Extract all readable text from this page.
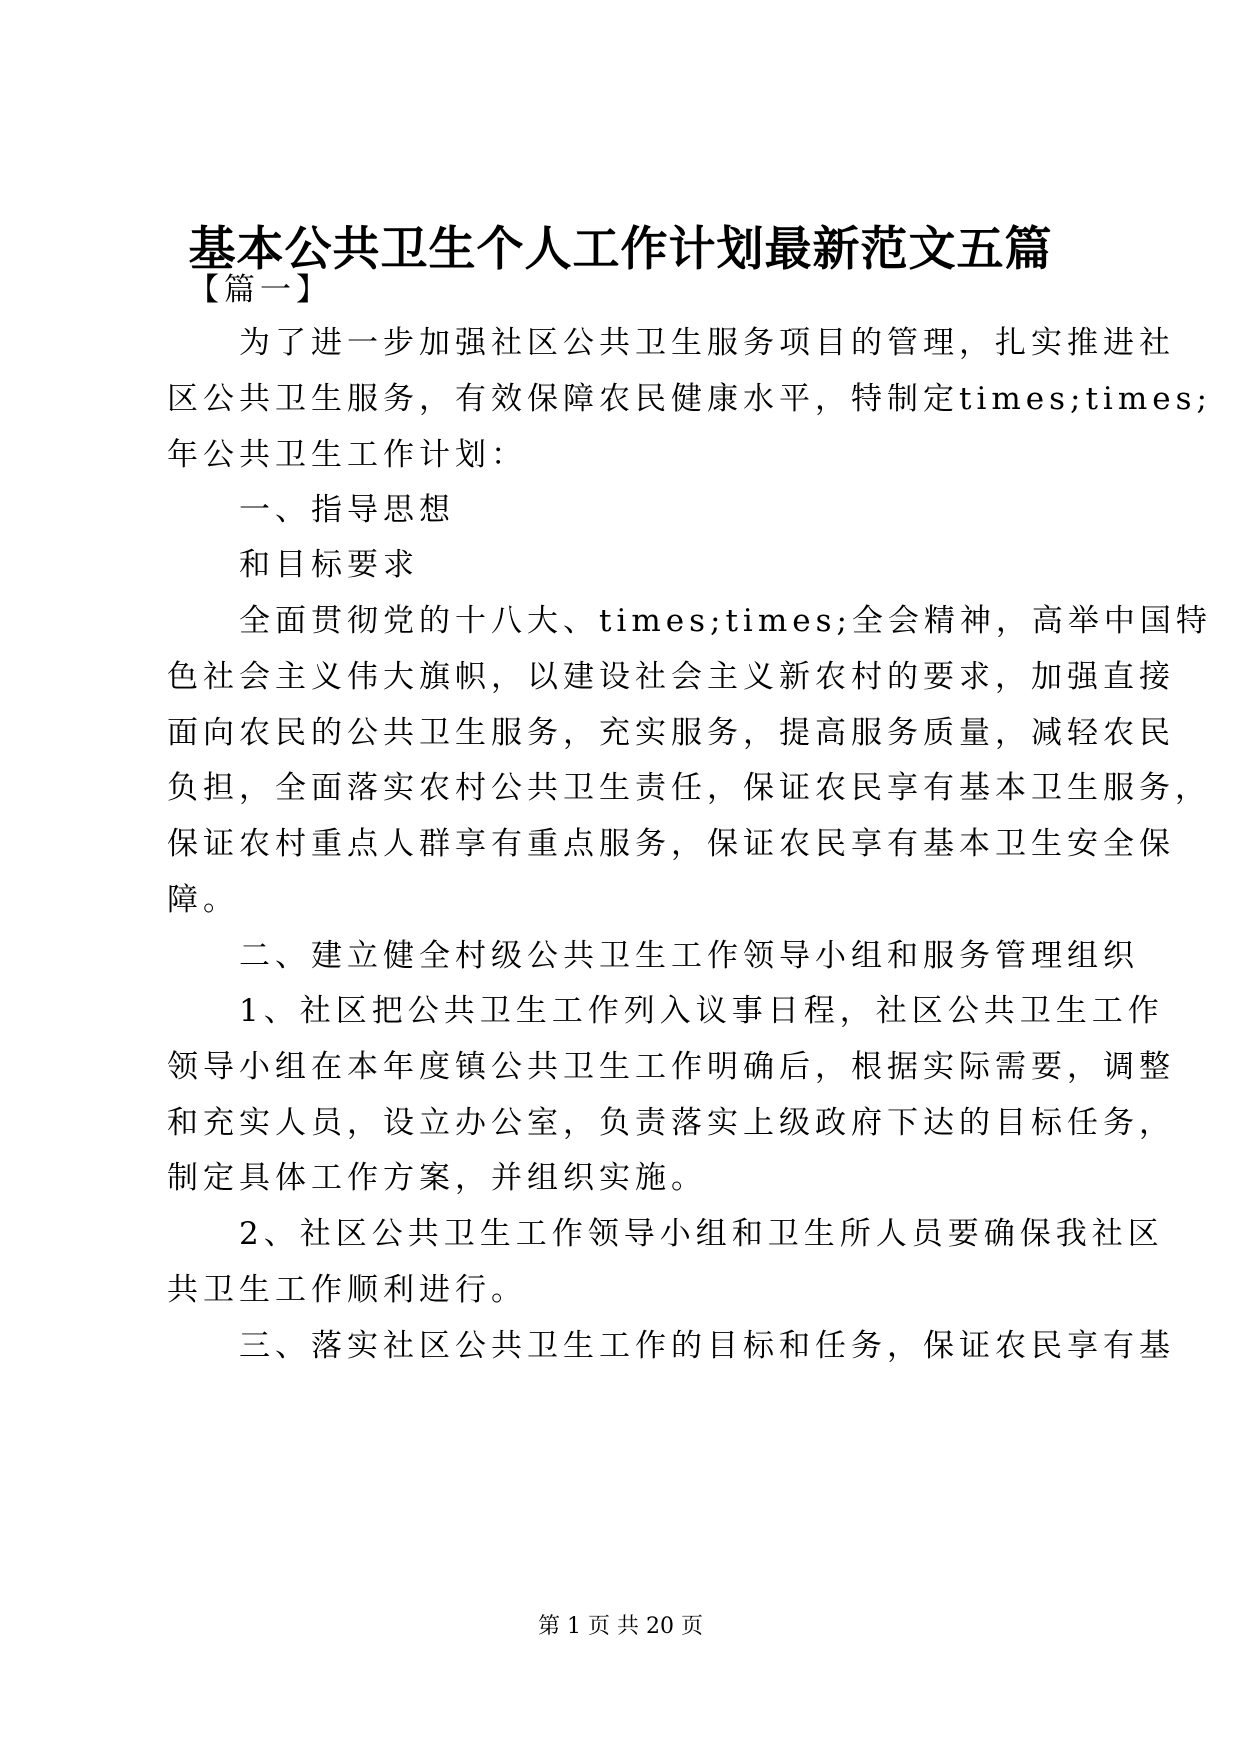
基本公共卫生个人工作计划最新范文五篇
【篇一】
　　为了进一步加强社区公共卫生服务项目的管理，扎实推进社
区公共卫生服务，有效保障农民健康水平，特制定times;times;
年公共卫生工作计划：
　　一、指导思想
　　和目标要求
　　全面贯彻党的十八大、times;times;全会精神，高举中国特
色社会主义伟大旗帜，以建设社会主义新农村的要求，加强直接
面向农民的公共卫生服务，充实服务，提高服务质量，减轻农民
负担，全面落实农村公共卫生责任，保证农民享有基本卫生服务，
保证农村重点人群享有重点服务，保证农民享有基本卫生安全保
障。
　　二、建立健全村级公共卫生工作领导小组和服务管理组织
　　1、社区把公共卫生工作列入议事日程，社区公共卫生工作
领导小组在本年度镇公共卫生工作明确后，根据实际需要，调整
和充实人员，设立办公室，负责落实上级政府下达的目标任务，
制定具体工作方案，并组织实施。
　　2、社区公共卫生工作领导小组和卫生所人员要确保我社区
共卫生工作顺利进行。
　　三、落实社区公共卫生工作的目标和任务，保证农民享有基
第 1 页 共 20 页
